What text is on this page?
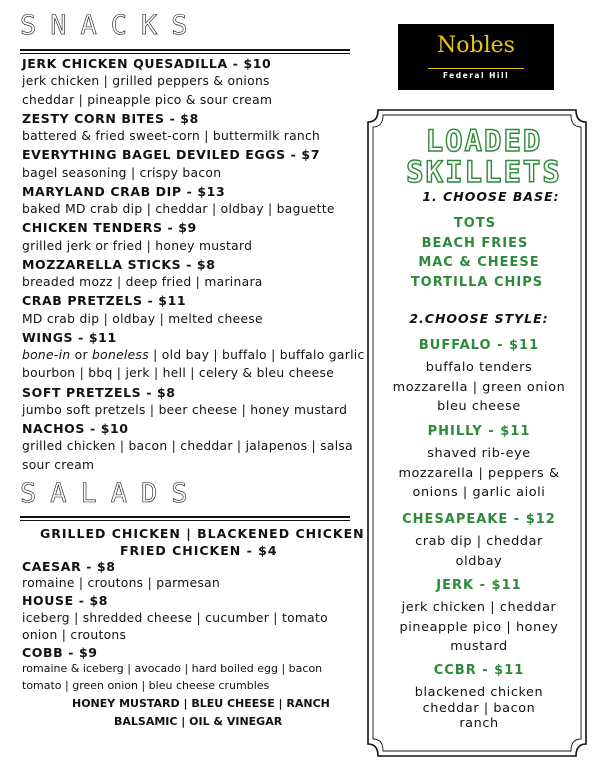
SNACKS
JERK CHICKEN QUESADILLA - $10
jerk chicken | grilled peppers & onions
cheddar | pineapple pico & sour cream
ZESTY CORN BITES - $8
battered & fried sweet-corn | buttermilk ranch
EVERYTHING BAGEL DEVILED EGGS - $7
bagel seasoning | crispy bacon
MARYLAND CRAB DIP - $13
baked MD crab dip | cheddar | oldbay | baguette
CHICKEN TENDERS - $9
grilled jerk or fried | honey mustard
MOZZARELLA STICKS - $8
breaded mozz | deep fried | marinara
CRAB PRETZELS - $11
MD crab dip | oldbay | melted cheese
WINGS - $11
bone-in or boneless | old bay | buffalo | buffalo garlic
bourbon | bbq | jerk | hell | celery & bleu cheese
SOFT PRETZELS - $8
jumbo soft pretzels | beer cheese | honey mustard
NACHOS - $10
grilled chicken | bacon | cheddar | jalapenos | salsa
sour cream
SALADS
GRILLED CHICKEN | BLACKENED CHICKEN
FRIED CHICKEN - $4
CAESAR - $8
romaine | croutons | parmesan
HOUSE - $8
iceberg | shredded cheese | cucumber | tomato
onion | croutons
COBB - $9
romaine & iceberg | avocado | hard boiled egg | bacon
tomato | green onion | bleu cheese crumbles
HONEY MUSTARD | BLEU CHEESE | RANCH
BALSAMIC | OIL & VINEGAR
Nobles
Federal Hill
LOADED
SKILLETS
1. CHOOSE BASE:
TOTS
BEACH FRIES
MAC & CHEESE
TORTILLA CHIPS
2.CHOOSE STYLE:
BUFFALO - $11
buffalo tenders
mozzarella | green onion
bleu cheese
PHILLY - $11
shaved rib-eye
mozzarella | peppers &
onions | garlic aioli
CHESAPEAKE - $12
crab dip | cheddar
oldbay
JERK - $11
jerk chicken | cheddar
pineapple pico | honey
mustard
CCBR - $11
blackened chicken
cheddar | bacon
ranch
